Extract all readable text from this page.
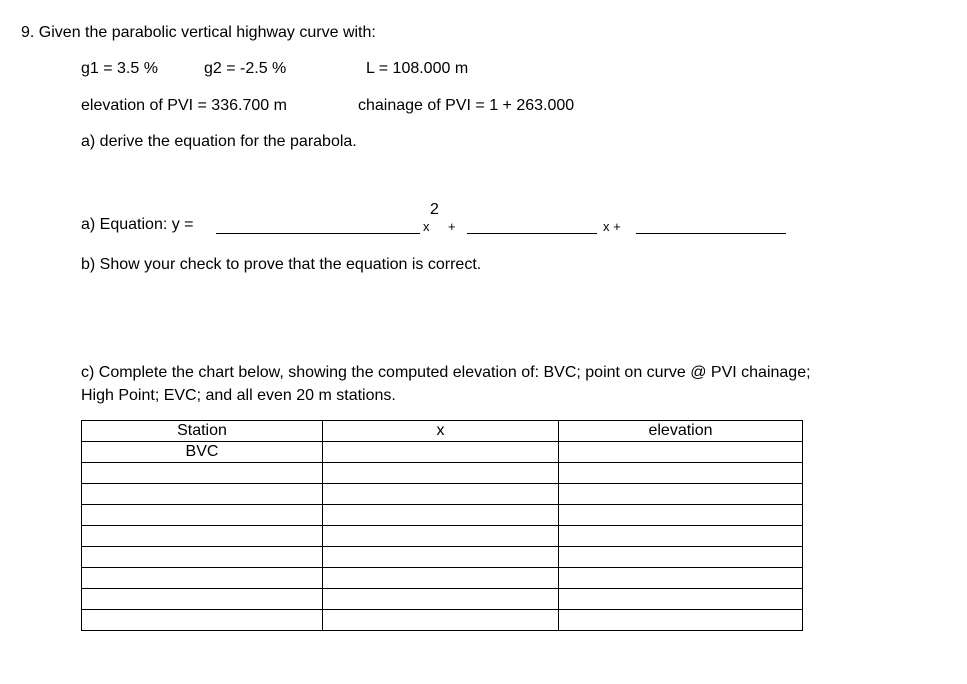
9. Given the parabolic vertical highway curve with:
g1 = 3.5 %	g2 = -2.5 %	L = 108.000 m
elevation of PVI = 336.700 m	chainage of PVI = 1 + 263.000
a) derive the equation for the parabola.
a) Equation: y =	x
2
+	x +
b) Show your check to prove that the equation is correct.
c) Complete the chart below, showing the computed elevation of: BVC; point on curve @ PVI chainage;
High Point; EVC; and all even 20 m stations.
Station	x	elevation
BVC		
